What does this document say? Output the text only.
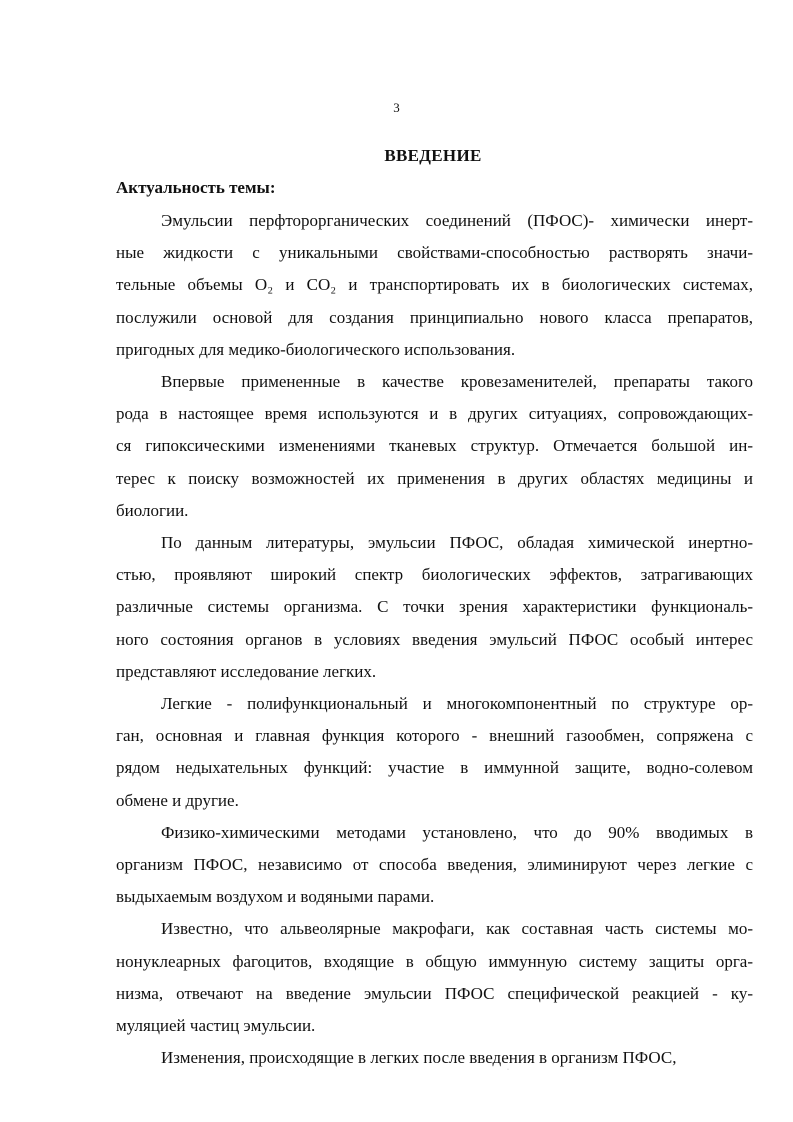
3
ВВЕДЕНИЕ
Актуальность темы:
Эмульсии перфторорганических соединений (ПФОС)- химически инерт-
ные жидкости с уникальными свойствами-способностью растворять значи-
тельные объемы O₂ и CO₂ и транспортировать их в биологических системах,
послужили основой для создания принципиально нового класса препаратов,
пригодных для медико-биологического использования.
Впервые примененные в качестве кровезаменителей, препараты такого
рода в настоящее время используются и в других ситуациях, сопровождающих-
ся гипоксическими изменениями тканевых структур. Отмечается большой ин-
терес к поиску возможностей их применения в других областях медицины и
биологии.
По данным литературы, эмульсии ПФОС, обладая химической инертно-
стью, проявляют широкий спектр биологических эффектов, затрагивающих
различные системы организма. С точки зрения характеристики функциональ-
ного состояния органов в условиях введения эмульсий ПФОС особый интерес
представляют исследование легких.
Легкие - полифункциональный и многокомпонентный по структуре ор-
ган, основная и главная функция которого - внешний газообмен, сопряжена с
рядом недыхательных функций: участие в иммунной защите, водно-солевом
обмене и другие.
Физико-химическими методами установлено, что до 90% вводимых в
организм ПФОС, независимо от способа введения, элиминируют через легкие с
выдыхаемым воздухом и водяными парами.
Известно, что альвеолярные макрофаги, как составная часть системы мо-
нонуклеарных фагоцитов, входящие в общую иммунную систему защиты орга-
низма, отвечают на введение эмульсии ПФОС специфической реакцией - ку-
муляцией частиц эмульсии.
Изменения, происходящие в легких после введения в организм ПФОС,
·
